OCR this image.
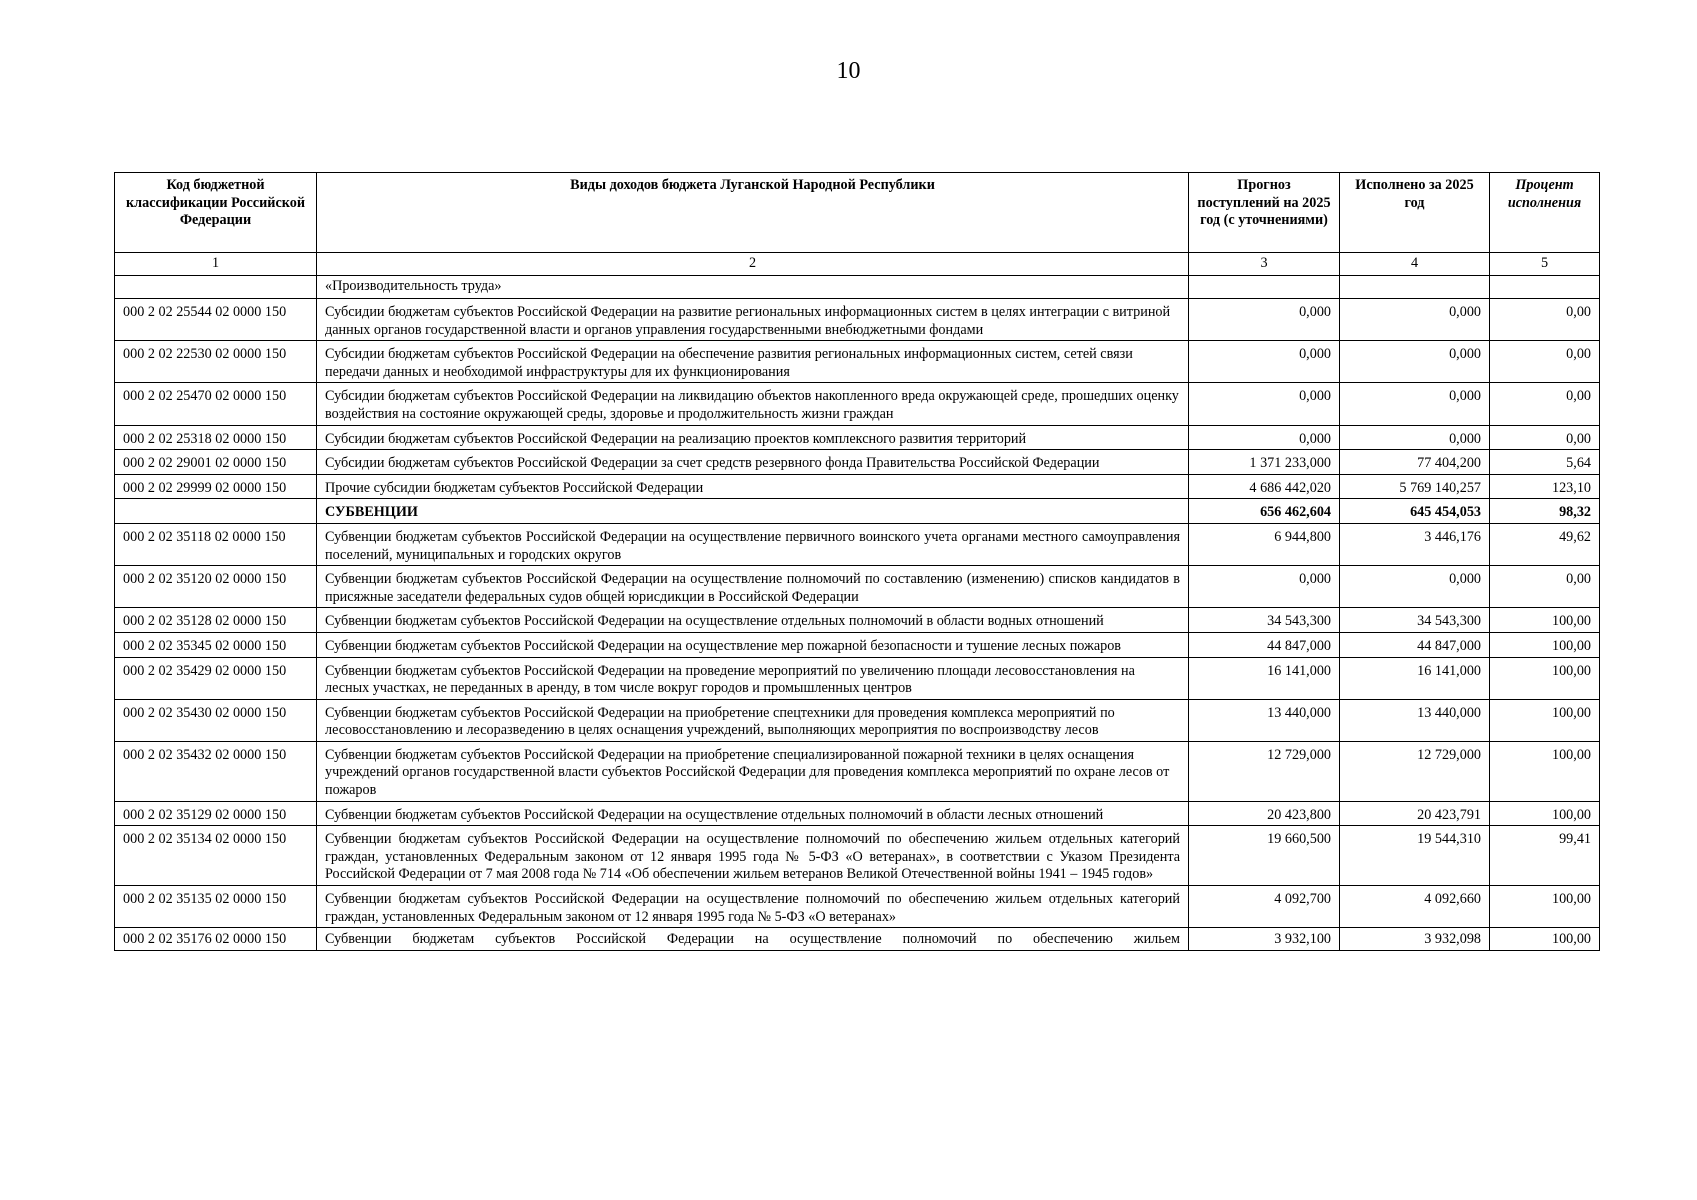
10
Код бюджетной классификации Российской Федерации	Виды доходов бюджета Луганской Народной Республики	Прогноз поступлений на 2025 год (с уточнениями)	Исполнено за 2025 год	Процент исполнения
1	2	3	4	5
	«Производительность труда»			
000 2 02 25544 02 0000 150	Субсидии бюджетам субъектов Российской Федерации на развитие региональных информационных систем в целях интеграции с витриной данных органов государственной власти и органов управления государственными внебюджетными фондами	0,000	0,000	0,00
000 2 02 22530 02 0000 150	Субсидии бюджетам субъектов Российской Федерации на обеспечение развития региональных информационных систем, сетей связи передачи данных и необходимой инфраструктуры для их функционирования	0,000	0,000	0,00
000 2 02 25470 02 0000 150	Субсидии бюджетам субъектов Российской Федерации на ликвидацию объектов накопленного вреда окружающей среде, прошедших оценку воздействия на состояние окружающей среды, здоровье и продолжительность жизни граждан	0,000	0,000	0,00
000 2 02 25318 02 0000 150	Субсидии бюджетам субъектов Российской Федерации на реализацию проектов комплексного развития территорий	0,000	0,000	0,00
000 2 02 29001 02 0000 150	Субсидии бюджетам субъектов Российской Федерации за счет средств резервного фонда Правительства Российской Федерации	1 371 233,000	77 404,200	5,64
000 2 02 29999 02 0000 150	Прочие субсидии бюджетам субъектов Российской Федерации	4 686 442,020	5 769 140,257	123,10
	СУБВЕНЦИИ	656 462,604	645 454,053	98,32
000 2 02 35118 02 0000 150	Субвенции бюджетам субъектов Российской Федерации на осуществление первичного воинского учета органами местного самоуправления поселений, муниципальных и городских округов	6 944,800	3 446,176	49,62
000 2 02 35120 02 0000 150	Субвенции бюджетам субъектов Российской Федерации на осуществление полномочий по составлению (изменению) списков кандидатов в присяжные заседатели федеральных судов общей юрисдикции в Российской Федерации	0,000	0,000	0,00
000 2 02 35128 02 0000 150	Субвенции бюджетам субъектов Российской Федерации на осуществление отдельных полномочий в области водных отношений	34 543,300	34 543,300	100,00
000 2 02 35345 02 0000 150	Субвенции бюджетам субъектов Российской Федерации на осуществление мер пожарной безопасности и тушение лесных пожаров	44 847,000	44 847,000	100,00
000 2 02 35429 02 0000 150	Субвенции бюджетам субъектов Российской Федерации на проведение мероприятий по увеличению площади лесовосстановления на лесных участках, не переданных в аренду, в том числе вокруг городов и промышленных центров	16 141,000	16 141,000	100,00
000 2 02 35430 02 0000 150	Субвенции бюджетам субъектов Российской Федерации на приобретение спецтехники для проведения комплекса мероприятий по лесовосстановлению и лесоразведению в целях оснащения учреждений, выполняющих мероприятия по воспроизводству лесов	13 440,000	13 440,000	100,00
000 2 02 35432 02 0000 150	Субвенции бюджетам субъектов Российской Федерации на приобретение специализированной пожарной техники в целях оснащения учреждений органов государственной власти субъектов Российской Федерации для проведения комплекса мероприятий по охране лесов от пожаров	12 729,000	12 729,000	100,00
000 2 02 35129 02 0000 150	Субвенции бюджетам субъектов Российской Федерации на осуществление отдельных полномочий в области лесных отношений	20 423,800	20 423,791	100,00
000 2 02 35134 02 0000 150	Субвенции бюджетам субъектов Российской Федерации на осуществление полномочий по обеспечению жильем отдельных категорий граждан, установленных Федеральным законом от 12 января 1995 года № 5-ФЗ «О ветеранах», в соответствии с Указом Президента Российской Федерации от 7 мая 2008 года № 714 «Об обеспечении жильем ветеранов Великой Отечественной войны 1941 – 1945 годов»	19 660,500	19 544,310	99,41
000 2 02 35135 02 0000 150	Субвенции бюджетам субъектов Российской Федерации на осуществление полномочий по обеспечению жильем отдельных категорий граждан, установленных Федеральным законом от 12 января 1995 года № 5-ФЗ «О ветеранах»	4 092,700	4 092,660	100,00

000 2 02 35176 02 0000 150	Субвенции бюджетам субъектов Российской Федерации на осуществление полномочий по обеспечению жильем	3 932,100	3 932,098	100,00
